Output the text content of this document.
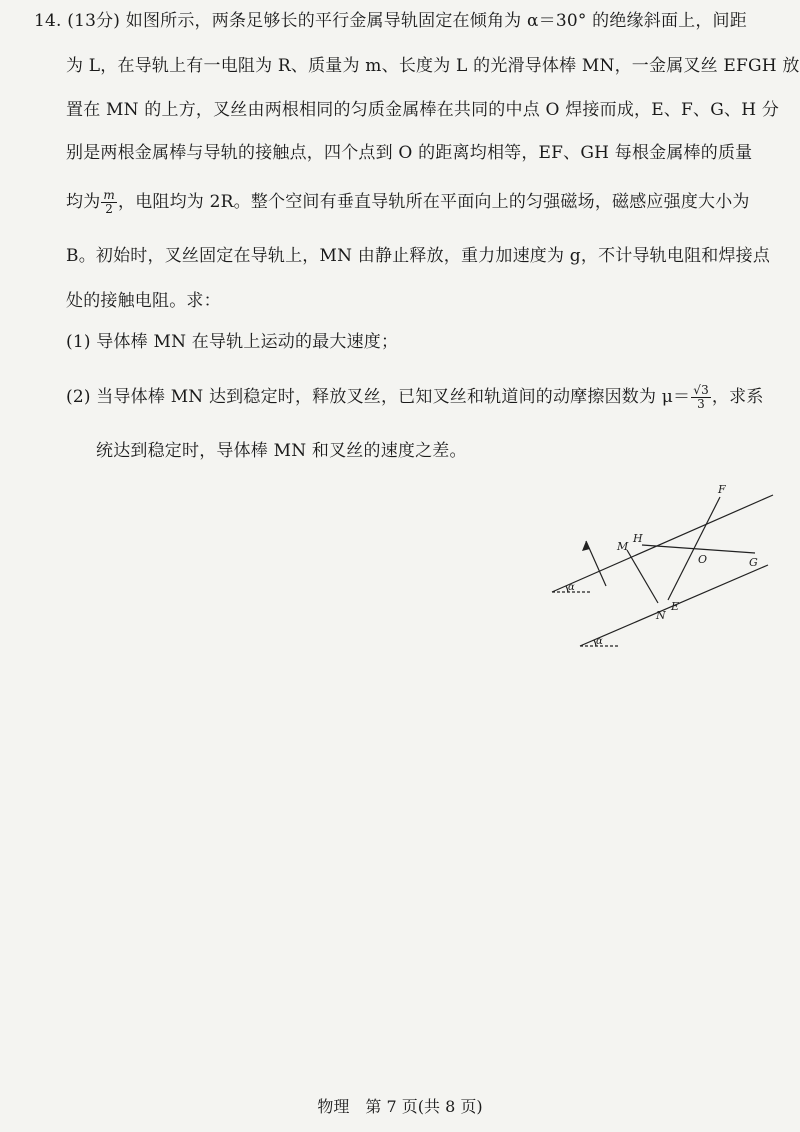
14. (13分) 如图所示，两条足够长的平行金属导轨固定在倾角为 α＝30° 的绝缘斜面上，间距
为 L，在导轨上有一电阻为 R、质量为 m、长度为 L 的光滑导体棒 MN，一金属叉丝 EFGH 放
置在 MN 的上方，叉丝由两根相同的匀质金属棒在共同的中点 O 焊接而成，E、F、G、H 分
别是两根金属棒与导轨的接触点，四个点到 O 的距离均相等，EF、GH 每根金属棒的质量
均为 $\frac{m}{2}$ ，电阻均为 2R。整个空间有垂直导轨所在平面向上的匀强磁场，磁感应强度大小为
B。初始时，叉丝固定在导轨上，MN 由静止释放，重力加速度为 g，不计导轨电阻和焊接点
处的接触电阻。求：
(1) 导体棒 MN 在导轨上运动的最大速度；
(2) 当导体棒 MN 达到稳定时，释放叉丝，已知叉丝和轨道间的动摩擦因数为 $\mu= \frac{√3}{3}$ ，求系
统达到稳定时，导体棒 MN 和叉丝的速度之差。
F
H
M
O	G
N
E
α
α
物理　第 7 页(共 8 页)
